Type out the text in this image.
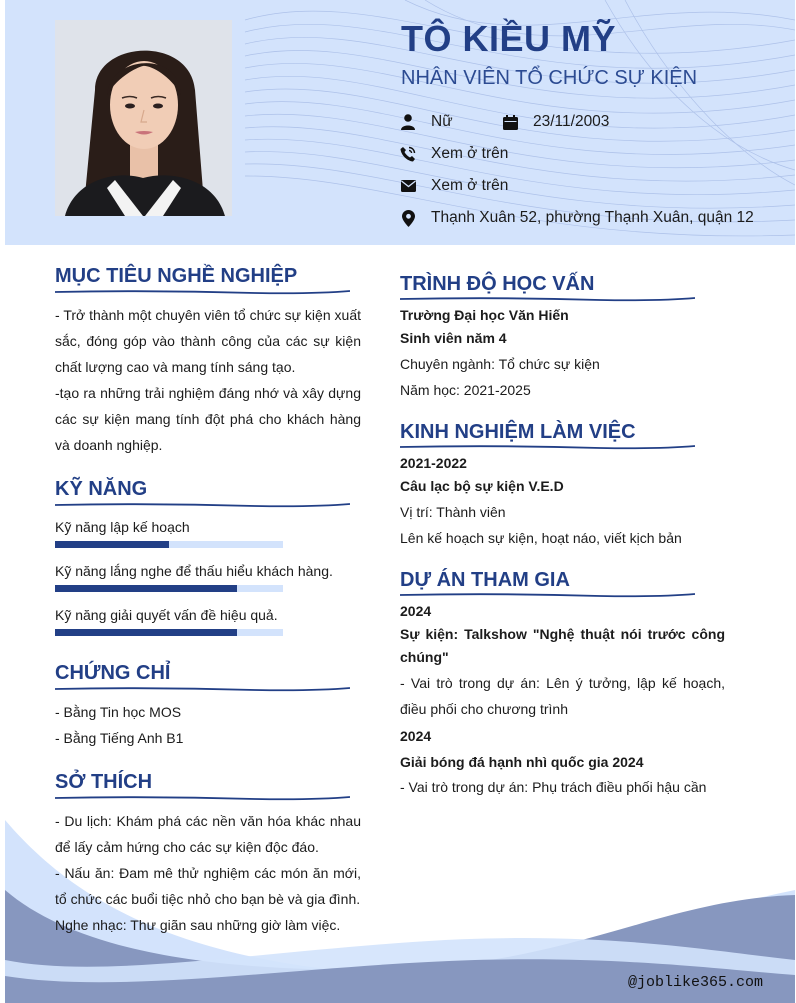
TÔ KIỀU MỸ
NHÂN VIÊN TỔ CHỨC SỰ KIỆN
Nữ	23/11/2003
Xem ở trên
Xem ở trên
Thạnh Xuân 52, phường Thạnh Xuân, quận 12
MỤC TIÊU NGHỀ NGHIỆP

- Trở thành một chuyên viên tổ chức sự kiện xuất sắc, đóng góp vào thành công của các sự kiện chất lượng cao và mang tính sáng tạo.

-tạo ra những trải nghiệm đáng nhớ và xây dựng các sự kiện mang tính đột phá cho khách hàng và doanh nghiệp.

KỸ NĂNG
Kỹ năng lập kế hoạch
Kỹ năng lắng nghe để thấu hiểu khách hàng.
Kỹ năng giải quyết vấn đề hiệu quả.
CHỨNG CHỈ

- Bằng Tin học MOS

- Bằng Tiếng Anh B1

SỞ THÍCH

- Du lịch: Khám phá các nền văn hóa khác nhau để lấy cảm hứng cho các sự kiện độc đáo.

- Nấu ăn: Đam mê thử nghiệm các món ăn mới, tổ chức các buổi tiệc nhỏ cho bạn bè và gia đình.

Nghe nhạc: Thư giãn sau những giờ làm việc.

TRÌNH ĐỘ HỌC VẤN

Trường Đại học Văn Hiến

Sinh viên năm 4

Chuyên ngành: Tổ chức sự kiện

Năm học: 2021-2025

KINH NGHIỆM LÀM VIỆC

2021-2022

Câu lạc bộ sự kiện V.E.D

Vị trí: Thành viên

Lên kế hoạch sự kiện, hoạt náo, viết kịch bản

DỰ ÁN THAM GIA

2024

Sự kiện: Talkshow "Nghệ thuật nói trước công chúng"

- Vai trò trong dự án: Lên ý tưởng, lập kế hoạch, điều phối cho chương trình

2024

Giải bóng đá hạnh nhì quốc gia 2024

- Vai trò trong dự án: Phụ trách điều phối hậu cần

@joblike365.com
